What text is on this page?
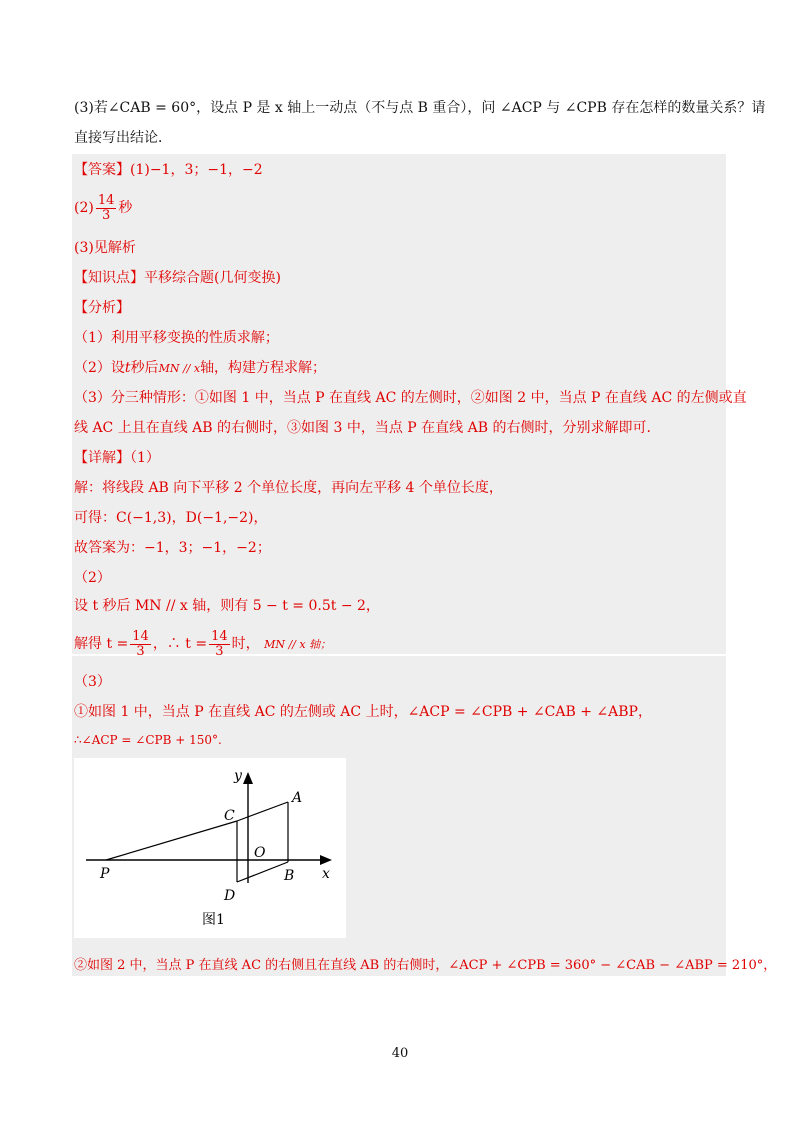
(3)若∠CAB = 60°，设点 P 是 x 轴上一动点（不与点 B 重合），问 ∠ACP 与 ∠CPB 存在怎样的数量关系？请
直接写出结论．
【答案】(1)−1，3；−1，−2
$(2) \frac{14}{3}$ 秒
(3)见解析
【知识点】平移综合题(几何变换)
【分析】
（1）利用平移变换的性质求解；
（2）设t秒后MN // x轴，构建方程求解；
（3）分三种情形：①如图 1 中，当点 P 在直线 AC 的左侧时，②如图 2 中，当点 P 在直线 AC 的左侧或直
线 AC 上且在直线 AB 的右侧时，③如图 3 中，当点 P 在直线 AB 的右侧时，分别求解即可.
【详解】（1）
解：将线段 AB 向下平移 2 个单位长度，再向左平移 4 个单位长度，
可得：C(−1,3)，D(−1,−2)，
故答案为：−1，3；−1，−2；
（2）
设 t 秒后 MN // x 轴，则有 5 − t = 0.5t − 2，
解得 $t = \frac{14}{3}$ ，∴ $t = \frac{14}{3}$ 时， MN // x 轴；
（3）
①如图 1 中，当点 P 在直线 AC 的左侧或 AC 上时，∠ACP = ∠CPB + ∠CAB + ∠ABP，
∴∠ACP = ∠CPB + 150°.
y
x
A
C
O
P	B
D
图1
②如图 2 中，当点 P 在直线 AC 的右侧且在直线 AB 的右侧时，∠ACP + ∠CPB = 360° − ∠CAB − ∠ABP = 210°，
40
